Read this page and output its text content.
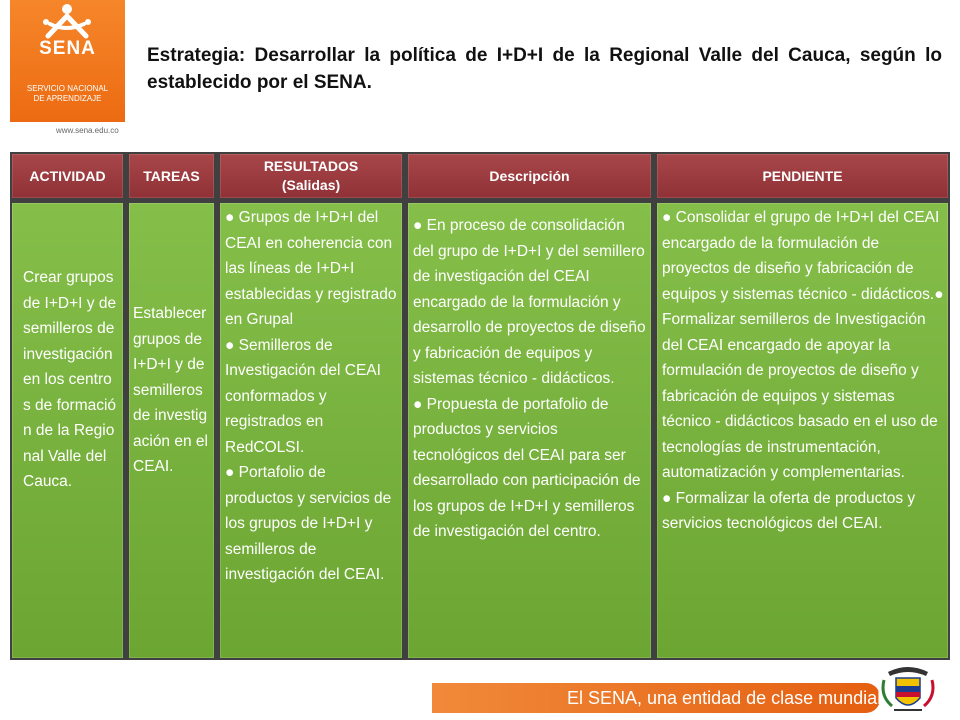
SENA
SERVICIO NACIONAL
DE APRENDIZAJE
www.sena.edu.co
Estrategia: Desarrollar la política de I+D+I de la Regional Valle del Cauca, según lo establecido por el SENA.
ACTIVIDAD	TAREAS
RESULTADOS
(Salidas)
Descripción	PENDIENTE

Crear grupos de I+D+I y de semilleros de investigación en los centros de formación de la Regional Valle del Cauca.

Establecer grupos de I+D+I y de semilleros de investigación en el CEAI.

● Grupos de I+D+I del CEAI en coherencia con las líneas de I+D+I establecidas y registrado en Grupal

● Semilleros de Investigación del CEAI conformados y registrados en RedCOLSI.

● Portafolio de productos y servicios de los grupos de I+D+I y semilleros de investigación del CEAI.

● En proceso de consolidación del grupo de I+D+I y del semillero de investigación del CEAI encargado de la formulación y desarrollo de proyectos de diseño y fabricación de equipos y sistemas técnico - didácticos.

● Propuesta de portafolio de productos y servicios tecnológicos del CEAI para ser desarrollado con participación de los grupos de I+D+I y semilleros de investigación del centro.

● Consolidar el grupo de I+D+I del CEAI encargado de la formulación de proyectos de diseño y fabricación de equipos y sistemas técnico - didácticos.● Formalizar semilleros de Investigación del CEAI encargado de apoyar la formulación de proyectos de diseño y fabricación de equipos y sistemas técnico - didácticos basado en el uso de tecnologías de instrumentación, automatización y complementarias.

● Formalizar la oferta de productos y servicios tecnológicos del CEAI.

El SENA, una entidad de clase mundial
